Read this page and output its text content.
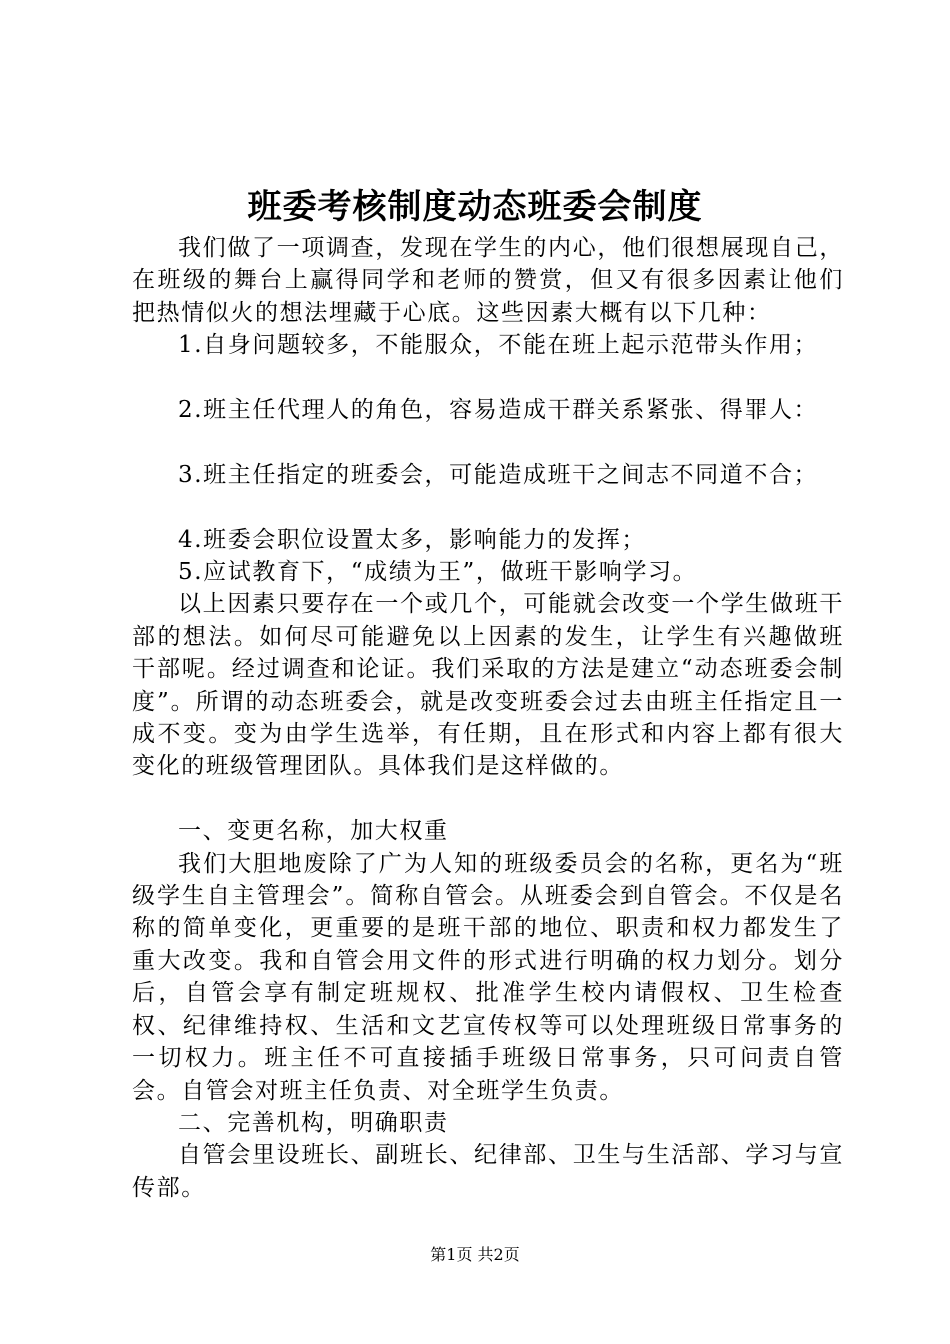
班委考核制度动态班委会制度

我们做了一项调查，发现在学生的内心，他们很想展现自己，在班级的舞台上赢得同学和老师的赞赏，但又有很多因素让他们把热情似火的想法埋藏于心底。这些因素大概有以下几种：

1.自身问题较多，不能服众，不能在班上起示范带头作用；

2.班主任代理人的角色，容易造成干群关系紧张、得罪人：

3.班主任指定的班委会，可能造成班干之间志不同道不合；

4.班委会职位设置太多，影响能力的发挥；

5.应试教育下，“成绩为王”，做班干影响学习。

以上因素只要存在一个或几个，可能就会改变一个学生做班干部的想法。如何尽可能避免以上因素的发生，让学生有兴趣做班干部呢。经过调查和论证。我们采取的方法是建立“动态班委会制度”。所谓的动态班委会，就是改变班委会过去由班主任指定且一成不变。变为由学生选举，有任期，且在形式和内容上都有很大变化的班级管理团队。具体我们是这样做的。

一、变更名称，加大权重

我们大胆地废除了广为人知的班级委员会的名称，更名为“班级学生自主管理会”。简称自管会。从班委会到自管会。不仅是名称的简单变化，更重要的是班干部的地位、职责和权力都发生了重大改变。我和自管会用文件的形式进行明确的权力划分。划分后，自管会享有制定班规权、批准学生校内请假权、卫生检查权、纪律维持权、生活和文艺宣传权等可以处理班级日常事务的一切权力。班主任不可直接插手班级日常事务，只可问责自管会。自管会对班主任负责、对全班学生负责。

二、完善机构，明确职责

自管会里设班长、副班长、纪律部、卫生与生活部、学习与宣传部。

第1页 共2页
